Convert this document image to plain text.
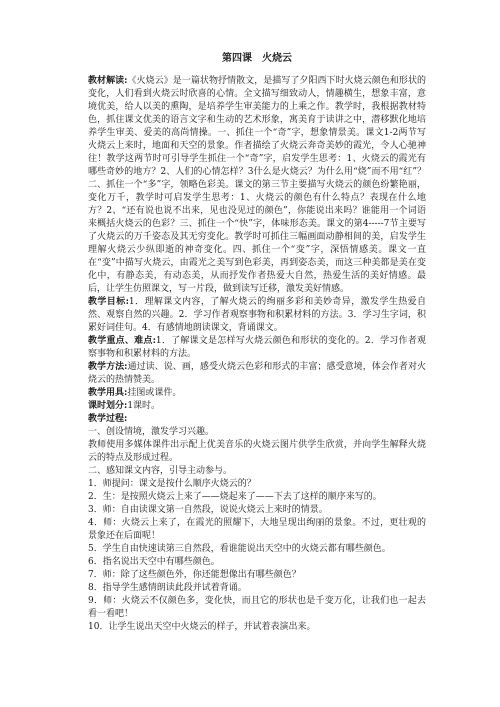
第四课 火烧云

教材解读:《火烧云》是一篇状物抒情散文，是描写了夕阳西下时火烧云颜色和形状的变化，人们看到火烧云时欣喜的心情。全文描写细致动人，情趣横生，想象丰富，意境优美，给人以美的熏陶，是培养学生审美能力的上乘之作。教学时，我根据教材特色，抓住课文优美的语言文字和生动的艺术形象，寓美育于读讲之中，潜移默化地培养学生审美、爱美的高尚情操。一、抓住一个“奇”字，想象情景美。课文1-2两节写火烧云上来时，地面和天空的景象。作者描绘了火烧云奔奇美妙的霞光，令人心驰神往！教学这两节时可引导学生抓住一个“奇”字，启发学生思考：1、火烧云的霞光有哪些奇妙的地方？2、人们的心情怎样？3什么是火烧云？为什么用“烧”而不用“红”？二、抓住一个“多”字，领略色彩美。课文的第三节主要描写火烧云的颜色纷繁艳丽，变化万千，教学时可启发学生思考：1、火烧云的颜色有什么特点？表现在什么地方？2、“还有说也说不出来，见也没见过的颜色”，你能说出来吗？谁能用一个词语来概括火烧云的色彩？三、抓住一个“快”字，体味形态美。课文的第4-----7节主要写了火烧云的万千姿态及其无穷变化。教学时可抓住三幅画面动静相间的美，启发学生理解火烧云少纵即逝的神奇变化。四、抓住一个“变”字，深悟情感美。课文一直在“变”中描写火烧云，由霞光之美写到色彩美，再到姿态美，而这三种美都是美在变化中，有静态美，有动态美，从而抒发作者热爱大自然，热爱生活的美好情感。最后，让学生仿照课文，写一片段，做到读写迁移，激发美好情感。

教学目标:1．理解课文内容，了解火烧云的绚丽多彩和美妙奇异，激发学生热爱自然、观察自然的兴趣。2．学习作者观察事物和积累材料的方法。3．学习生字词，积累好词佳句。4．有感情地朗读课文，背诵课文。

教学重点、难点:1．了解课文是怎样写火烧云颜色和形状的变化的。2．学习作者观察事物和积累材料的方法。

教学方法:通过读、说、画，感受火烧云色彩和形式的丰富；感受意境，体会作者对火烧云的热情赞美。

教学用具:挂图或课件。

课时划分:1课时。

教学过程:

一、创设情境，激发学习兴趣。

教师使用多媒体课件出示配上优美音乐的火烧云图片供学生欣赏，并向学生解释火烧云的特点及形成过程。

二、感知课文内容，引导主动参与。

1．师提问：课文是按什么顺序火烧云的？

2．生：是按照火烧云上来了——烧起来了——下去了这样的顺序来写的。

3．师：自由读课文第一自然段，说说火烧云上来时的情景。

4．师：火烧云上来了，在霞光的照耀下，大地呈现出绚丽的景象。不过，更壮观的景象还在后面呢！

5．学生自由快速读第三自然段，看谁能说出天空中的火烧云都有哪些颜色。

6．指名说出天空中有哪些颜色。

7．师：除了这些颜色外，你还能想像出有哪些颜色？

8．指导学生感情朗读此段并试着背诵。

9．师：火烧云不仅颜色多，变化快，而且它的形状也是千变万化，让我们也一起去看一看吧！

10．让学生说出天空中火烧云的样子，并试着表演出来。
